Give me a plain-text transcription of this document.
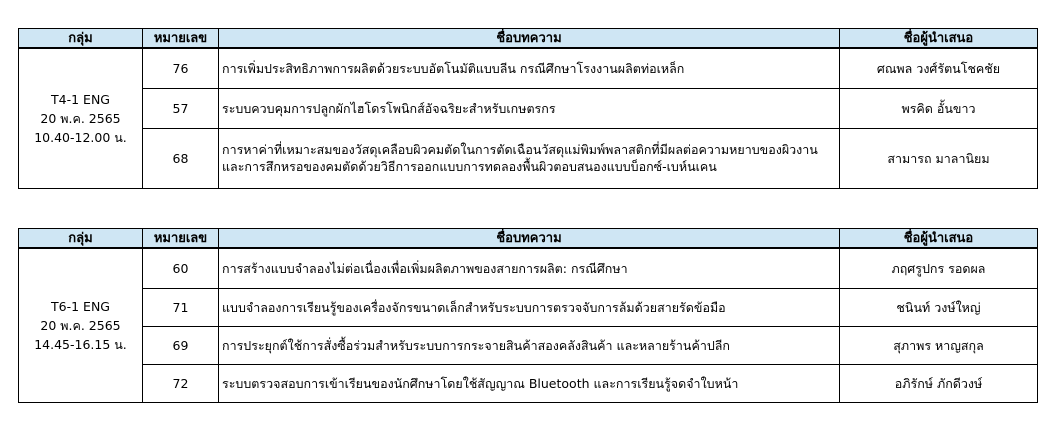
กลุ่ม	หมายเลข	ชื่อบทความ	ชื่อผู้นำเสนอ

T4-1 ENG
20 พ.ค. 2565
10.40-12.00 น.	76	การเพิ่มประสิทธิภาพการผลิตด้วยระบบอัตโนมัติแบบลีน กรณีศึกษาโรงงานผลิตท่อเหล็ก	ศณพล วงศ์รัตนโชคชัย
	57	ระบบควบคุมการปลูกผักไฮโดรโพนิกส์อัจฉริยะสำหรับเกษตรกร	พรคิด อั้นขาว
	68	การหาค่าที่เหมาะสมของวัสดุเคลือบผิวคมตัดในการตัดเฉือนวัสดุแม่พิมพ์พลาสติกที่มีผลต่อความหยาบของผิวงานและการสึกหรอของคมตัดด้วยวิธีการออกแบบการทดลองพื้นผิวตอบสนองแบบบ็อกซ์-เบห์นเคน	สามารถ มาลานิยม
กลุ่ม	หมายเลข	ชื่อบทความ	ชื่อผู้นำเสนอ

T6-1 ENG
20 พ.ค. 2565
14.45-16.15 น.	60	การสร้างแบบจำลองไม่ต่อเนื่องเพื่อเพิ่มผลิตภาพของสายการผลิต: กรณีศึกษา	ภฤศรูปกร รอดผล
	71	แบบจำลองการเรียนรู้ของเครื่องจักรขนาดเล็กสำหรับระบบการตรวจจับการล้มด้วยสายรัดข้อมือ	ชนินท์ วงษ์ใหญ่
	69	การประยุกต์ใช้การสั่งซื้อร่วมสำหรับระบบการกระจายสินค้าสองคลังสินค้า และหลายร้านค้าปลีก	สุภาพร หาญสกุล
	72	ระบบตรวจสอบการเข้าเรียนของนักศึกษาโดยใช้สัญญาณ Bluetooth และการเรียนรู้จดจำใบหน้า	อภิรักษ์ ภักดีวงษ์
